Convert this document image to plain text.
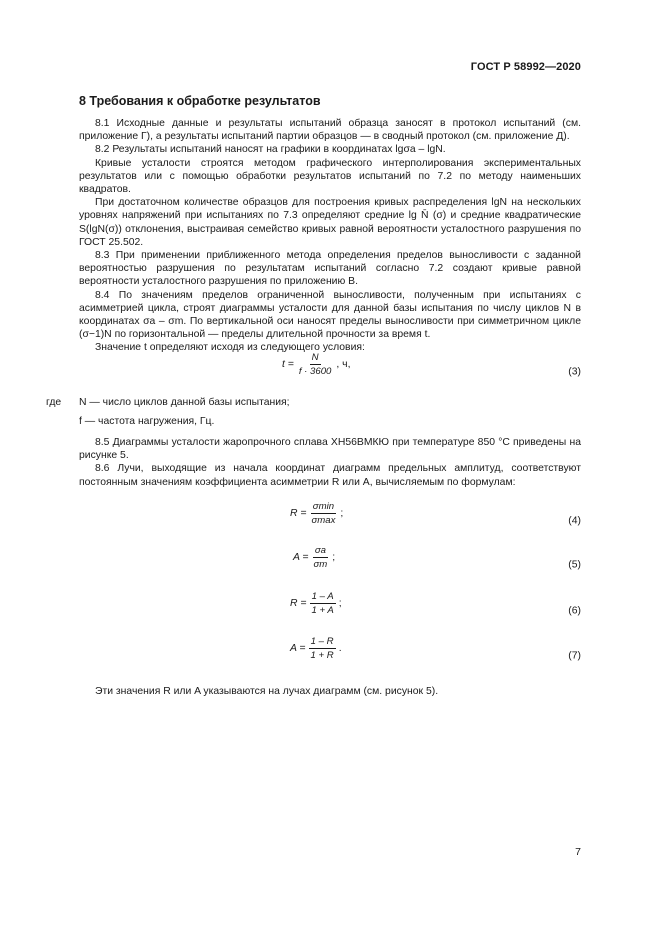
ГОСТ Р 58992—2020
8 Требования к обработке результатов

8.1 Исходные данные и результаты испытаний образца заносят в протокол испытаний (см. приложение Г), а результаты испытаний партии образцов — в сводный протокол (см. приложение Д).

8.2 Результаты испытаний наносят на графики в координатах lgσa – lgN.

Кривые усталости строятся методом графического интерполирования экспериментальных результатов или с помощью обработки результатов испытаний по 7.2 по методу наименьших квадратов.

При достаточном количестве образцов для построения кривых распределения lgN на нескольких уровнях напряжений при испытаниях по 7.3 определяют средние lg N̄ (σ) и средние квадратические S(lgN(σ)) отклонения, выстраивая семейство кривых равной вероятности усталостного разрушения по ГОСТ 25.502.

8.3 При применении приближенного метода определения пределов выносливости с заданной вероятностью разрушения по результатам испытаний согласно 7.2 создают кривые равной вероятности усталостного разрушения по приложению В.

8.4 По значениям пределов ограниченной выносливости, полученным при испытаниях с асимметрией цикла, строят диаграммы усталости для данной базы испытания по числу циклов N в координатах σa – σm. По вертикальной оси наносят пределы выносливости при симметричном цикле (σ−1)N по горизонтальной — пределы длительной прочности за время t.

Значение t определяют исходя из следующего условия:

$t = \frac{N}{f \cdot 3600}$ , ч,
(3)
где N — число циклов данной базы испытания;
f — частота нагружения, Гц.

8.5 Диаграммы усталости жаропрочного сплава ХН56ВМКЮ при температуре 850 °С приведены на рисунке 5.

8.6 Лучи, выходящие из начала координат диаграмм предельных амплитуд, соответствуют постоянным значениям коэффициента асимметрии R или A, вычисляемым по формулам:

$R = \frac{\sigma\min}{\sigma\max}$ ;
(4)
$A = \frac{\sigma a}{\sigma m}$ ;
(5)
$R = \frac{1 - A}{1 + A}$ ;
(6)
$A = \frac{1 - R}{1 + R}$ .
(7)

Эти значения R или A указываются на лучах диаграмм (см. рисунок 5).

7
